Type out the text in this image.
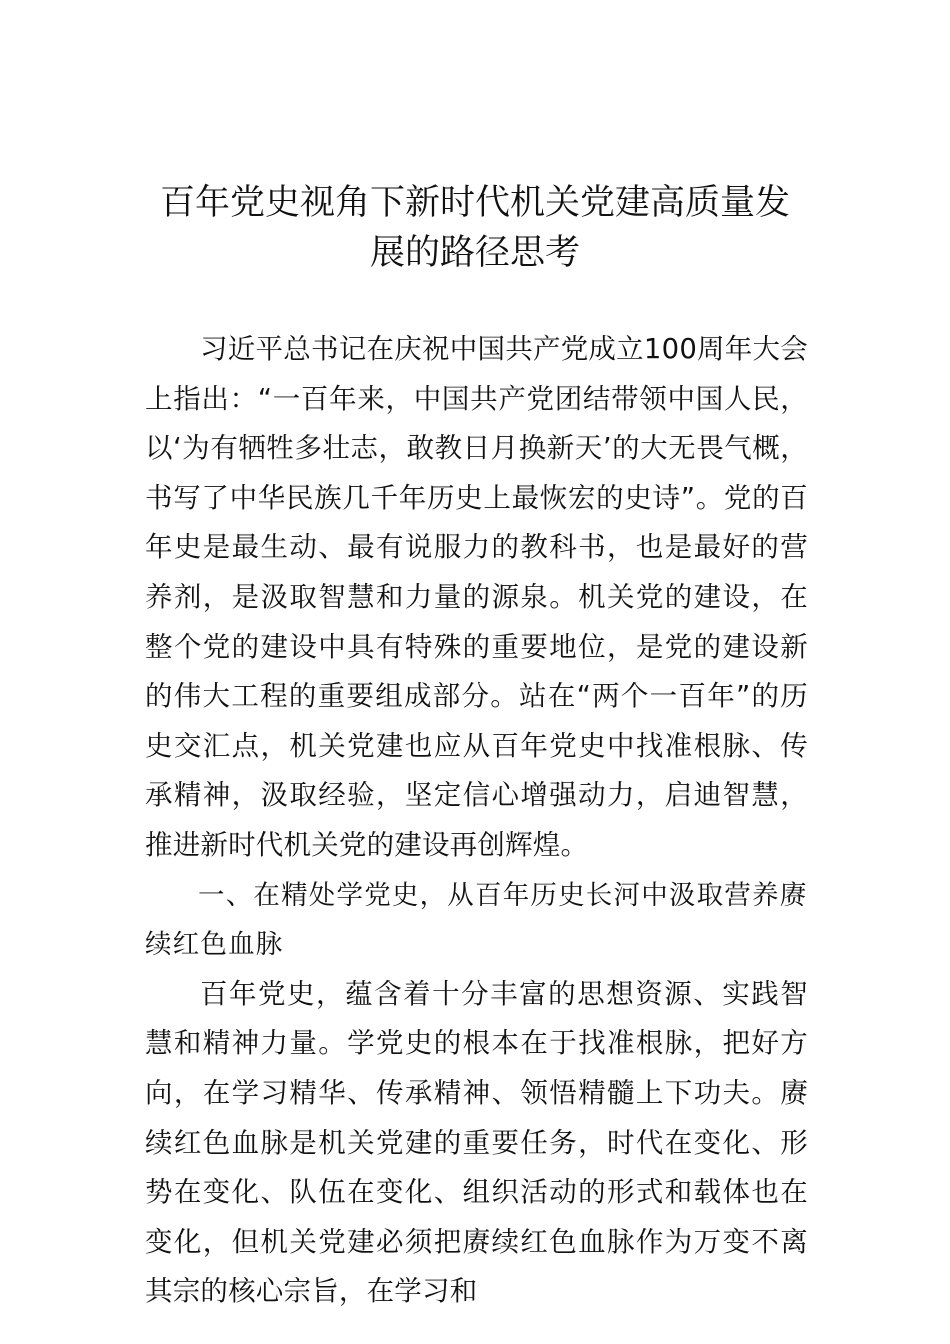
百年党史视角下新时代机关党建高质量发展的路径思考

习近平总书记在庆祝中国共产党成立100周年大会上指出：“一百年来，中国共产党团结带领中国人民，以‘为有牺牲多壮志，敢教日月换新天’的大无畏气概，书写了中华民族几千年历史上最恢宏的史诗”。党的百年史是最生动、最有说服力的教科书，也是最好的营养剂，是汲取智慧和力量的源泉。机关党的建设，在整个党的建设中具有特殊的重要地位，是党的建设新的伟大工程的重要组成部分。站在“两个一百年”的历史交汇点，机关党建也应从百年党史中找准根脉、传承精神，汲取经验，坚定信心增强动力，启迪智慧，推进新时代机关党的建设再创辉煌。

一、在精处学党史，从百年历史长河中汲取营养赓续红色血脉

百年党史，蕴含着十分丰富的思想资源、实践智慧和精神力量。学党史的根本在于找准根脉，把好方向，在学习精华、传承精神、领悟精髓上下功夫。赓续红色血脉是机关党建的重要任务，时代在变化、形势在变化、队伍在变化、组织活动的形式和载体也在变化，但机关党建必须把赓续红色血脉作为万变不离其宗的核心宗旨，在学习和
